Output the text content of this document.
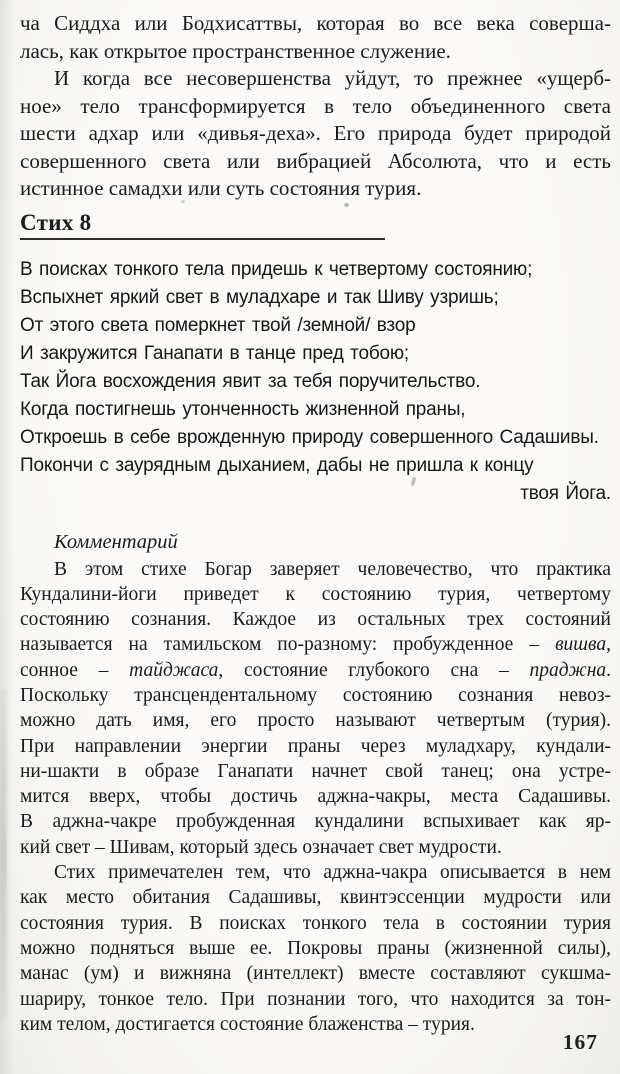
ча Сиддха или Бодхисаттвы, которая во все века соверша-
лась, как открытое пространственное служение.
И когда все несовершенства уйдут, то прежнее «ущерб-
ное» тело трансформируется в тело объединенного света
шести адхар или «дивья-деха». Его природа будет природой
совершенного света или вибрацией Абсолюта, что и есть
истинное самадхи или суть состояния турия.
Стих 8
В поисках тонкого тела придешь к четвертому состоянию;
Вспыхнет яркий свет в муладхаре и так Шиву узришь;
От этого света померкнет твой /земной/ взор
И закружится Ганапати в танце пред тобою;
Так Йога восхождения явит за тебя поручительство.
Когда постигнешь утонченность жизненной праны,
Откроешь в себе врожденную природу совершенного Садашивы.
Покончи с заурядным дыханием, дабы не пришла к концу
твоя Йога.
Комментарий
В этом стихе Богар заверяет человечество, что практика
Кундалини-йоги приведет к состоянию турия, четвертому
состоянию сознания. Каждое из остальных трех состояний
называется на тамильском по-разному: пробужденное – вишва,
сонное – тайджаса, состояние глубокого сна – праджна.
Поскольку трансцендентальному состоянию сознания невоз-
можно дать имя, его просто называют четвертым (турия).
При направлении энергии праны через муладхару, кундали-
ни-шакти в образе Ганапати начнет свой танец; она устре-
мится вверх, чтобы достичь аджна-чакры, места Садашивы.
В аджна-чакре пробужденная кундалини вспыхивает как яр-
кий свет – Шивам, который здесь означает свет мудрости.
Стих примечателен тем, что аджна-чакра описывается в нем
как место обитания Садашивы, квинтэссенции мудрости или
состояния турия. В поисках тонкого тела в состоянии турия
можно подняться выше ее. Покровы праны (жизненной силы),
манас (ум) и вижняна (интеллект) вместе составляют сукшма-
шариру, тонкое тело. При познании того, что находится за тон-
ким телом, достигается состояние блаженства – турия.
167
